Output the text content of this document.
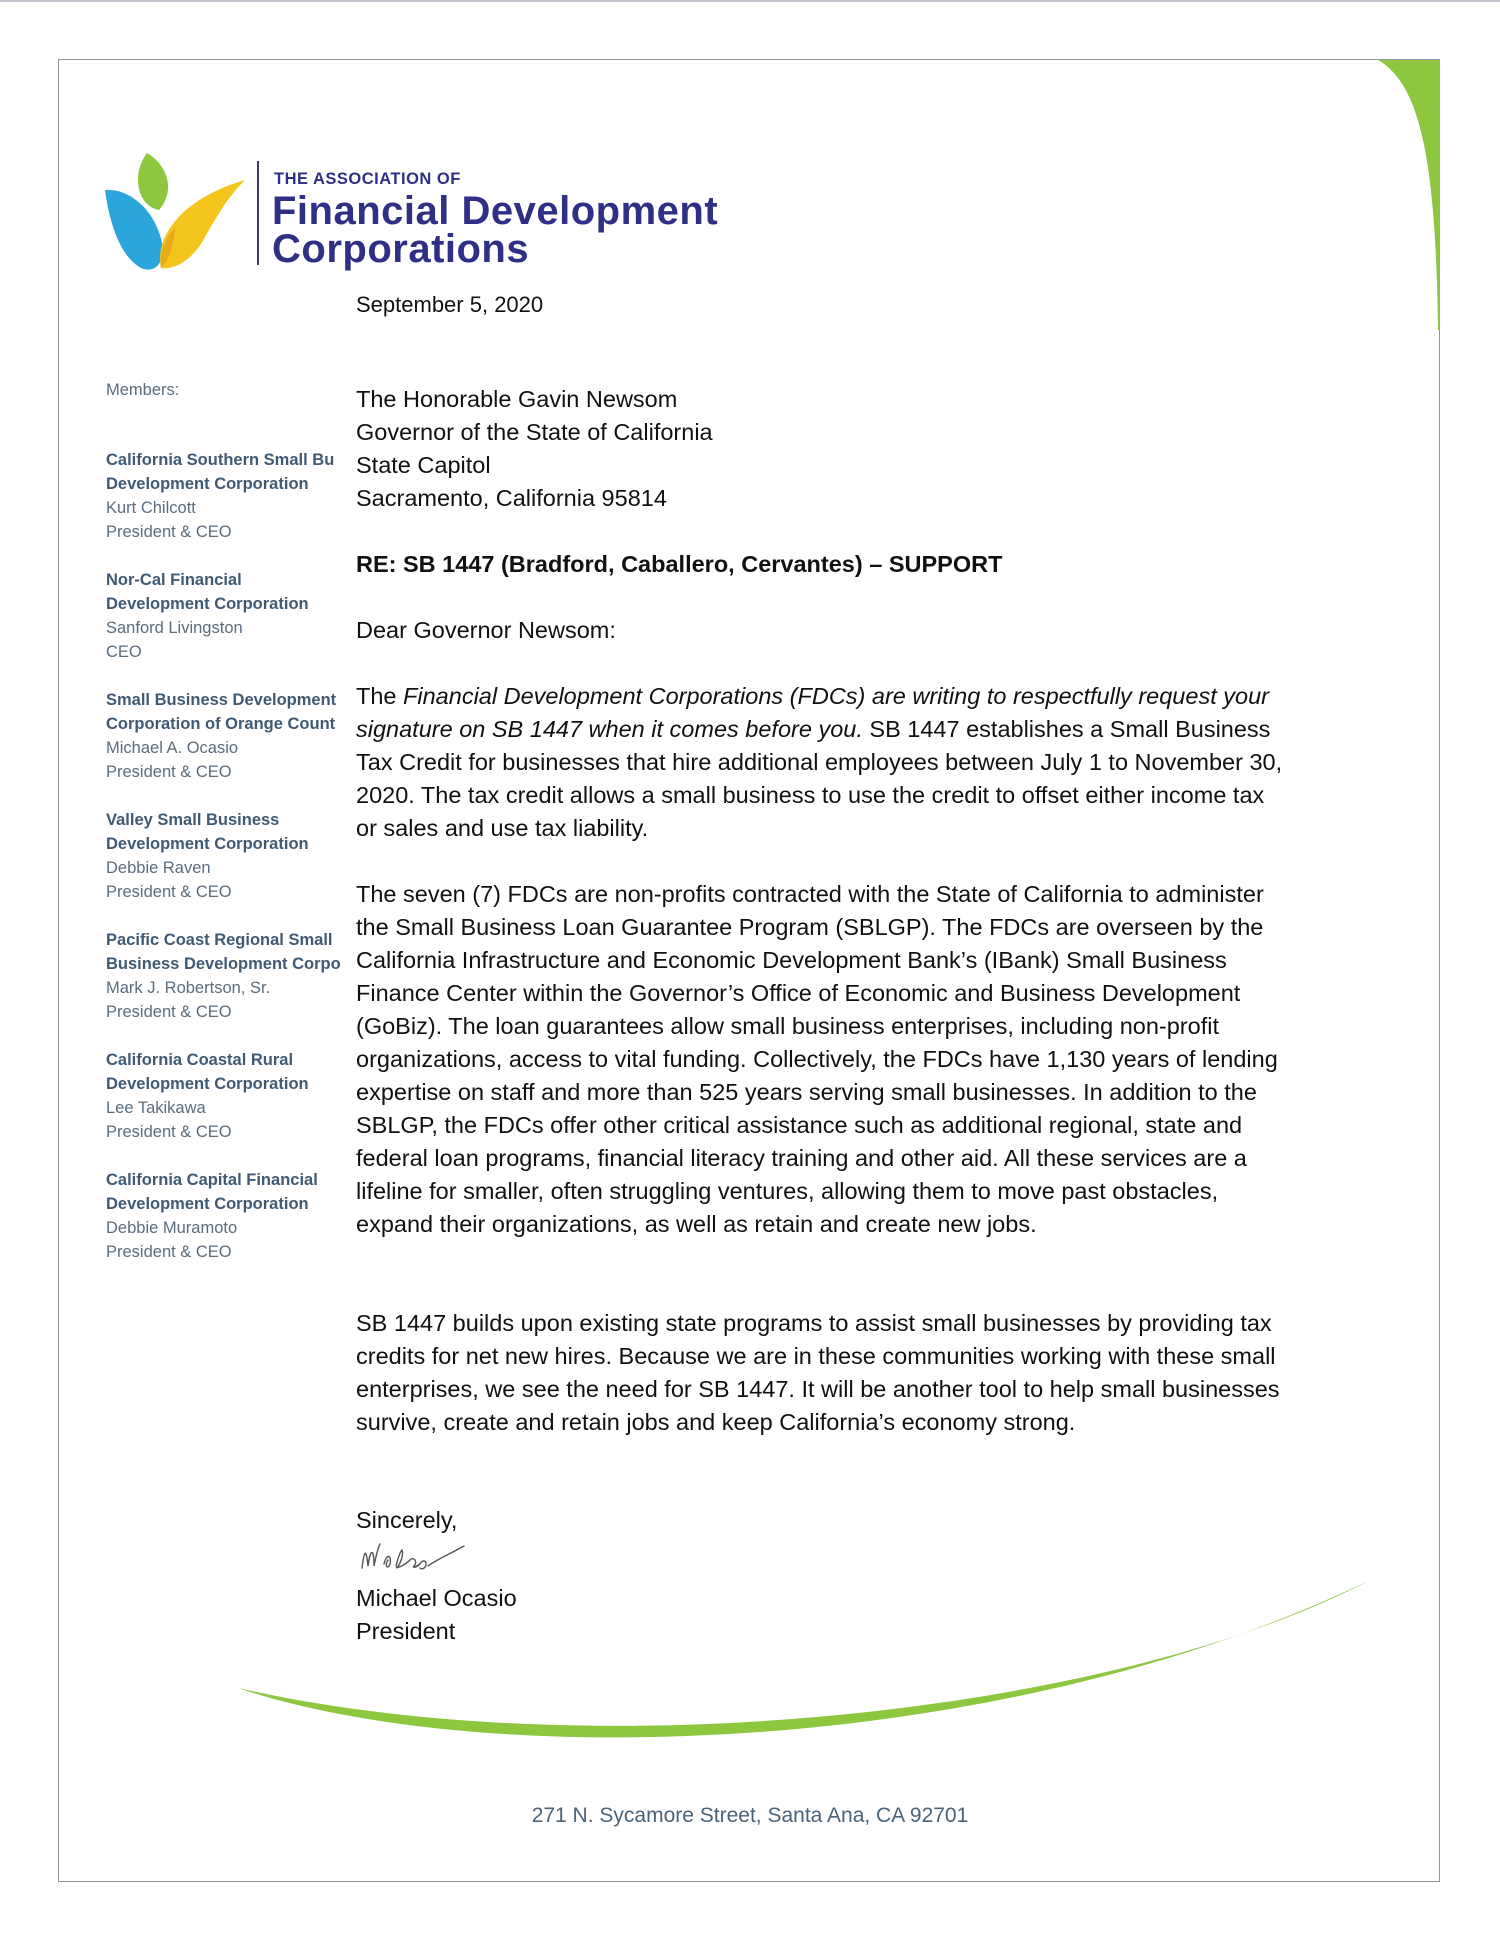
THE ASSOCIATION OF
Financial Development
Corporations
September 5, 2020
Members:
California Southern Small Bu
Development Corporation
Kurt Chilcott
President & CEO
Nor-Cal Financial
Development Corporation
Sanford Livingston
CEO
Small Business Development
Corporation of Orange Count
Michael A. Ocasio
President & CEO
Valley Small Business
Development Corporation
Debbie Raven
President & CEO
Pacific Coast Regional Small
Business Development Corpo
Mark J. Robertson, Sr.
President & CEO
California Coastal Rural
Development Corporation
Lee Takikawa
President & CEO
California Capital Financial
Development Corporation
Debbie Muramoto
President & CEO
The Honorable Gavin Newsom
Governor of the State of California
State Capitol
Sacramento, California 95814
RE: SB 1447 (Bradford, Caballero, Cervantes) – SUPPORT
Dear Governor Newsom:

The Financial Development Corporations (FDCs) are writing to respectfully request your signature on SB 1447 when it comes before you. SB 1447 establishes a Small Business Tax Credit for businesses that hire additional employees between July 1 to November 30, 2020. The tax credit allows a small business to use the credit to offset either income tax or sales and use tax liability.

The seven (7) FDCs are non-profits contracted with the State of California to administer the Small Business Loan Guarantee Program (SBLGP). The FDCs are overseen by the California Infrastructure and Economic Development Bank’s (IBank) Small Business Finance Center within the Governor’s Office of Economic and Business Development (GoBiz). The loan guarantees allow small business enterprises, including non-profit organizations, access to vital funding. Collectively, the FDCs have 1,130 years of lending expertise on staff and more than 525 years serving small businesses. In addition to the SBLGP, the FDCs offer other critical assistance such as additional regional, state and federal loan programs, financial literacy training and other aid. All these services are a lifeline for smaller, often struggling ventures, allowing them to move past obstacles, expand their organizations, as well as retain and create new jobs.

SB 1447 builds upon existing state programs to assist small businesses by providing tax credits for net new hires. Because we are in these communities working with these small enterprises, we see the need for SB 1447. It will be another tool to help small businesses survive, create and retain jobs and keep California’s economy strong.

Sincerely,
Michael Ocasio
President
271 N. Sycamore Street, Santa Ana, CA 92701
